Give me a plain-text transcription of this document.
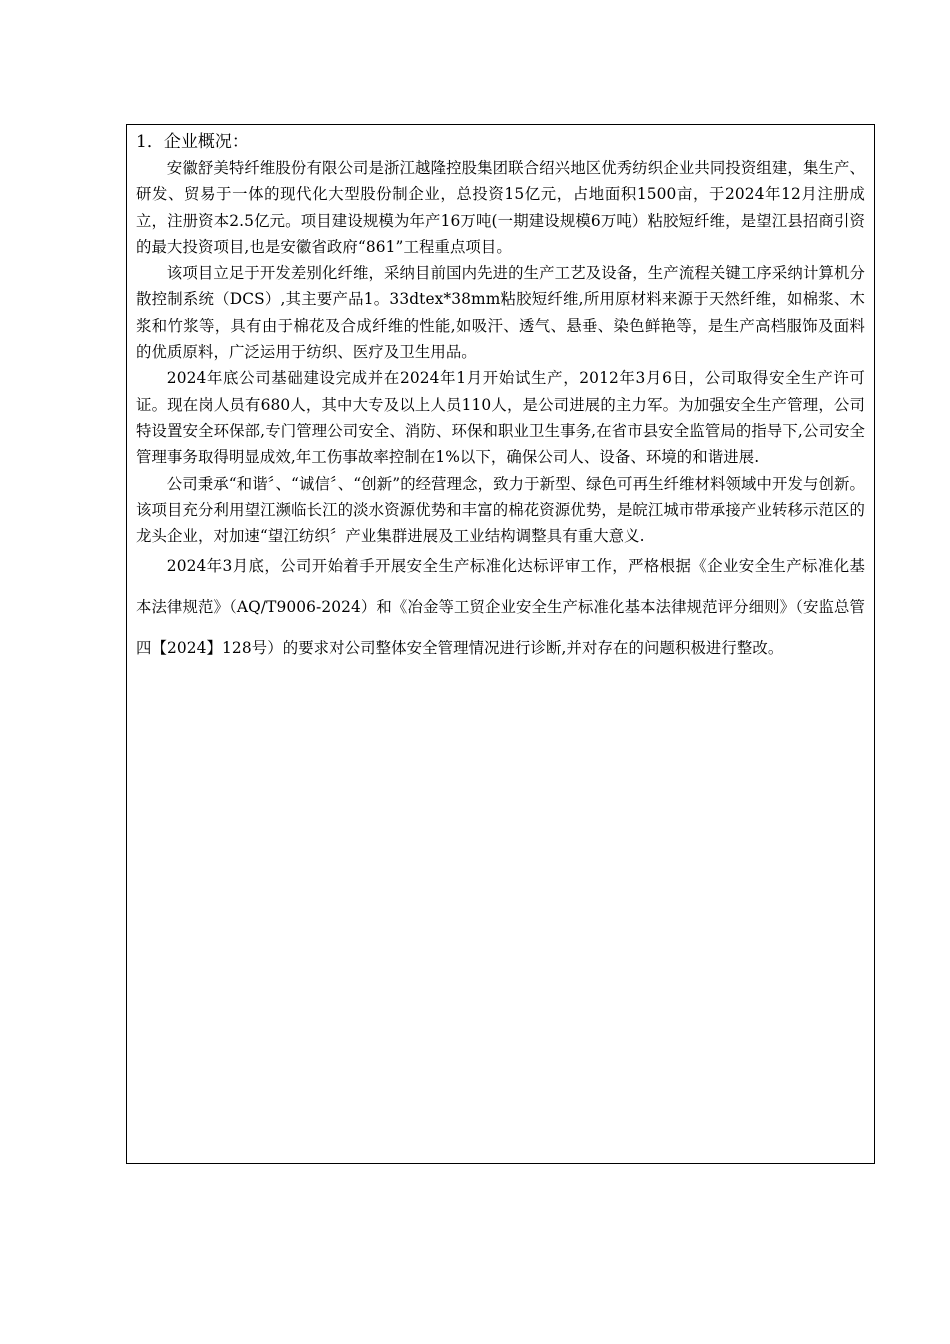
1．企业概况：

安徽舒美特纤维股份有限公司是浙江越隆控股集团联合绍兴地区优秀纺织企业共同投资组建，集生产、研发、贸易于一体的现代化大型股份制企业，总投资15亿元，占地面积1500亩，于2024年12月注册成立，注册资本2.5亿元。项目建设规模为年产16万吨(一期建设规模6万吨）粘胶短纤维，是望江县招商引资的最大投资项目,也是安徽省政府“861”工程重点项目。

该项目立足于开发差别化纤维，采纳目前国内先进的生产工艺及设备，生产流程关键工序采纳计算机分散控制系统（DCS）,其主要产品1。33dtex*38mm粘胶短纤维,所用原材料来源于天然纤维，如棉浆、木浆和竹浆等，具有由于棉花及合成纤维的性能,如吸汗、透气、悬垂、染色鲜艳等，是生产高档服饰及面料的优质原料，广泛运用于纺织、医疗及卫生用品。

2024年底公司基础建设完成并在2024年1月开始试生产，2012年3月6日，公司取得安全生产许可证。现在岗人员有680人，其中大专及以上人员110人，是公司进展的主力军。为加强安全生产管理，公司特设置安全环保部,专门管理公司安全、消防、环保和职业卫生事务,在省市县安全监管局的指导下,公司安全管理事务取得明显成效,年工伤事故率控制在1%以下，确保公司人、设备、环境的和谐进展.

公司秉承“和谐〞、“诚信〞、“创新”的经营理念，致力于新型、绿色可再生纤维材料领域中开发与创新。该项目充分利用望江濒临长江的淡水资源优势和丰富的棉花资源优势，是皖江城市带承接产业转移示范区的龙头企业，对加速“望江纺织〞产业集群进展及工业结构调整具有重大意义.

2024年3月底，公司开始着手开展安全生产标准化达标评审工作，严格根据《企业安全生产标准化基本法律规范》（AQ/T9006-2024）和《冶金等工贸企业安全生产标准化基本法律规范评分细则》（安监总管四【2024】128号）的要求对公司整体安全管理情况进行诊断,并对存在的问题积极进行整改。
